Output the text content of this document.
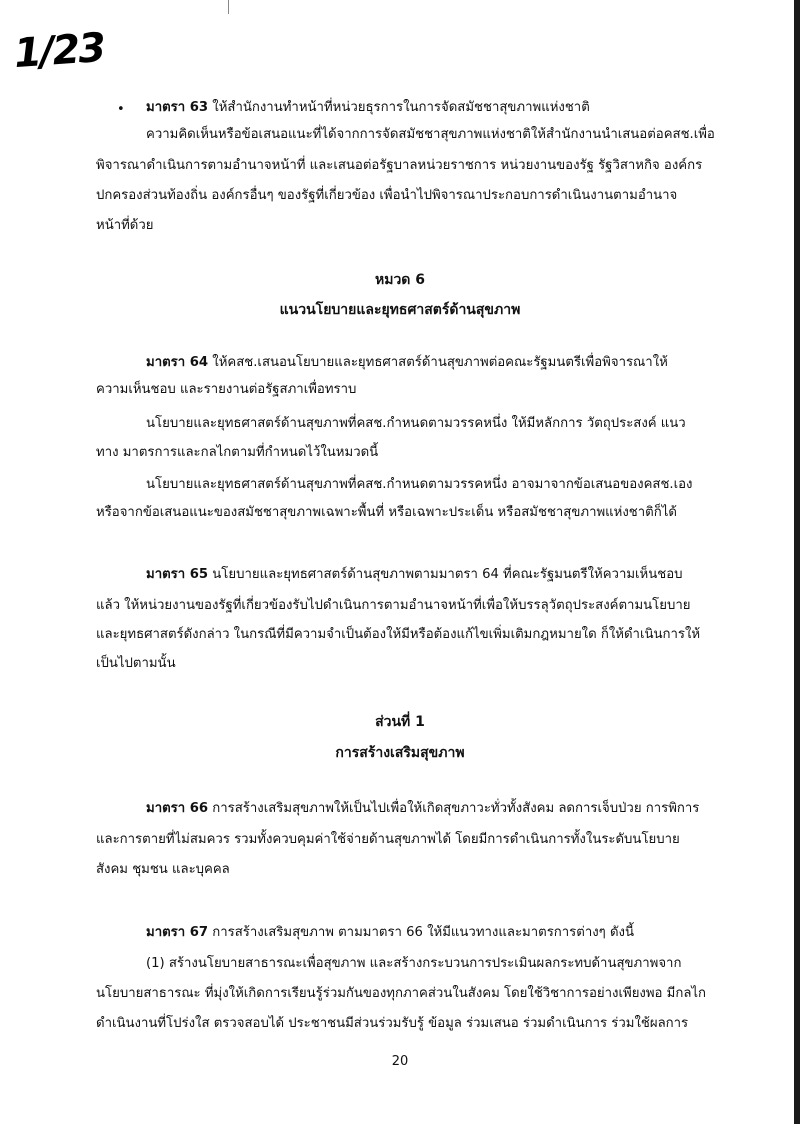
1/23
• มาตรา 63 ให้สำนักงานทำหน้าที่หน่วยธุรการในการจัดสมัชชาสุขภาพแห่งชาติ
ความคิดเห็นหรือข้อเสนอแนะที่ได้จากการจัดสมัชชาสุขภาพแห่งชาติให้สำนักงานนำเสนอต่อคสช.เพื่อ
พิจารณาดำเนินการตามอำนาจหน้าที่ และเสนอต่อรัฐบาลหน่วยราชการ หน่วยงานของรัฐ รัฐวิสาหกิจ องค์กร
ปกครองส่วนท้องถิ่น องค์กรอื่นๆ ของรัฐที่เกี่ยวข้อง เพื่อนำไปพิจารณาประกอบการดำเนินงานตามอำนาจ
หน้าที่ด้วย
หมวด 6
แนวนโยบายและยุทธศาสตร์ด้านสุขภาพ
มาตรา 64 ให้คสช.เสนอนโยบายและยุทธศาสตร์ด้านสุขภาพต่อคณะรัฐมนตรีเพื่อพิจารณาให้
ความเห็นชอบ และรายงานต่อรัฐสภาเพื่อทราบ
นโยบายและยุทธศาสตร์ด้านสุขภาพที่คสช.กำหนดตามวรรคหนึ่ง ให้มีหลักการ วัตถุประสงค์ แนว
ทาง มาตรการและกลไกตามที่กำหนดไว้ในหมวดนี้
นโยบายและยุทธศาสตร์ด้านสุขภาพที่คสช.กำหนดตามวรรคหนึ่ง อาจมาจากข้อเสนอของคสช.เอง
หรือจากข้อเสนอแนะของสมัชชาสุขภาพเฉพาะพื้นที่ หรือเฉพาะประเด็น หรือสมัชชาสุขภาพแห่งชาติก็ได้
มาตรา 65 นโยบายและยุทธศาสตร์ด้านสุขภาพตามมาตรา 64 ที่คณะรัฐมนตรีให้ความเห็นชอบ
แล้ว ให้หน่วยงานของรัฐที่เกี่ยวข้องรับไปดำเนินการตามอำนาจหน้าที่เพื่อให้บรรลุวัตถุประสงค์ตามนโยบาย
และยุทธศาสตร์ดังกล่าว ในกรณีที่มีความจำเป็นต้องให้มีหรือต้องแก้ไขเพิ่มเติมกฎหมายใด ก็ให้ดำเนินการให้
เป็นไปตามนั้น
ส่วนที่ 1
การสร้างเสริมสุขภาพ
มาตรา 66 การสร้างเสริมสุขภาพให้เป็นไปเพื่อให้เกิดสุขภาวะทั่วทั้งสังคม ลดการเจ็บป่วย การพิการ
และการตายที่ไม่สมควร รวมทั้งควบคุมค่าใช้จ่ายด้านสุขภาพได้ โดยมีการดำเนินการทั้งในระดับนโยบาย
สังคม ชุมชน และบุคคล
มาตรา 67 การสร้างเสริมสุขภาพ ตามมาตรา 66 ให้มีแนวทางและมาตรการต่างๆ ดังนี้
(1) สร้างนโยบายสาธารณะเพื่อสุขภาพ และสร้างกระบวนการประเมินผลกระทบด้านสุขภาพจาก
นโยบายสาธารณะ ที่มุ่งให้เกิดการเรียนรู้ร่วมกันของทุกภาคส่วนในสังคม โดยใช้วิชาการอย่างเพียงพอ มีกลไก
ดำเนินงานที่โปร่งใส ตรวจสอบได้ ประชาชนมีส่วนร่วมรับรู้ ข้อมูล ร่วมเสนอ ร่วมดำเนินการ ร่วมใช้ผลการ
20
